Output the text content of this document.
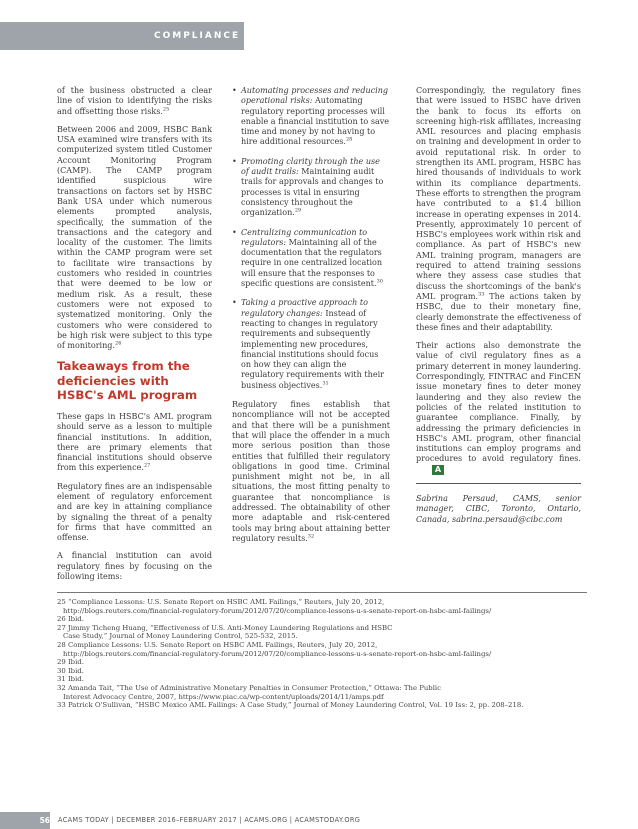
COMPLIANCE

of the business obstructed a clear line of vision to identifying the risks and offsetting those risks.$^{25}$

Between 2006 and 2009, HSBC Bank USA examined wire transfers with its computerized system titled Customer Account Monitoring Program (CAMP). The CAMP program identified suspicious wire transactions on factors set by HSBC Bank USA under which numerous elements prompted analysis, specifically, the summation of the transactions and the category and locality of the customer. The limits within the CAMP program were set to facilitate wire transactions by customers who resided in countries that were deemed to be low or medium risk. As a result, these customers were not exposed to systematized monitoring. Only the customers who were considered to be high risk were subject to this type of monitoring.$^{26}$

Takeaways from the deficiencies with HSBC's AML program

These gaps in HSBC's AML program should serve as a lesson to multiple financial institutions. In addition, there are primary elements that financial institutions should observe from this experience.$^{27}$

Regulatory fines are an indispensable element of regulatory enforcement and are key in attaining compliance by signaling the threat of a penalty for firms that have committed an offense.

A financial institution can avoid regulatory fines by focusing on the following items:

• Automating processes and reducing operational risks: Automating regulatory reporting processes will enable a financial institution to save time and money by not having to hire additional resources.$^{28}$
• Promoting clarity through the use of audit trails: Maintaining audit trails for approvals and changes to processes is vital in ensuring consistency throughout the organization.$^{29}$
• Centralizing communication to regulators: Maintaining all of the documentation that the regulators require in one centralized location will ensure that the responses to specific questions are consistent.$^{30}$
• Taking a proactive approach to regulatory changes: Instead of reacting to changes in regulatory requirements and subsequently implementing new procedures, financial institutions should focus on how they can align the regulatory requirements with their business objectives.$^{31}$

Regulatory fines establish that noncompliance will not be accepted and that there will be a punishment that will place the offender in a much more serious position than those entities that fulfilled their regulatory obligations in good time. Criminal punishment might not be, in all situations, the most fitting penalty to guarantee that noncompliance is addressed. The obtainability of other more adaptable and risk-centered tools may bring about attaining better regulatory results.$^{32}$

Correspondingly, the regulatory fines that were issued to HSBC have driven the bank to focus its efforts on screening high-risk affiliates, increasing AML resources and placing emphasis on training and development in order to avoid reputational risk. In order to strengthen its AML program, HSBC has hired thousands of individuals to work within its compliance departments. These efforts to strengthen the program have contributed to a $1.4 billion increase in operating expenses in 2014. Presently, approximately 10 percent of HSBC's employees work within risk and compliance. As part of HSBC's new AML training program, managers are required to attend training sessions where they assess case studies that discuss the shortcomings of the bank's AML program.$^{33}$ The actions taken by HSBC, due to their monetary fine, clearly demonstrate the effectiveness of these fines and their adaptability.

Their actions also demonstrate the value of civil regulatory fines as a primary deterrent in money laundering. Correspondingly, FINTRAC and FinCEN issue monetary fines to deter money laundering and they also review the policies of the related institution to guarantee compliance. Finally, by addressing the primary deficiencies in HSBC's AML program, other financial institutions can employ programs and procedures to avoid regulatory fines.A

Sabrina Persaud, CAMS, senior manager, CIBC, Toronto, Ontario, Canada, sabrina.persaud@cibc.com

25 “Compliance Lessons: U.S. Senate Report on HSBC AML Failings,” Reuters, July 20, 2012,
http://blogs.reuters.com/financial-regulatory-forum/2012/07/20/compliance-lessons-u-s-senate-report-on-hsbc-aml-failings/
26 Ibid.
27 Jimmy Ticheng Huang, “Effectiveness of U.S. Anti-Money Laundering Regulations and HSBC
Case Study,” Journal of Money Laundering Control, 525-532, 2015.
28 Compliance Lessons: U.S. Senate Report on HSBC AML Failings, Reuters, July 20, 2012,
http://blogs.reuters.com/financial-regulatory-forum/2012/07/20/compliance-lessons-u-s-senate-report-on-hsbc-aml-failings/
29 Ibid.
30 Ibid.
31 Ibid.
32 Amanda Tait, “The Use of Administrative Monetary Penalties in Consumer Protection,” Ottawa: The Public
Interest Advocacy Centre, 2007, https://www.piac.ca/wp-content/uploads/2014/11/amps.pdf
33 Patrick O'Sullivan, “HSBC Mexico AML Failings: A Case Study,” Journal of Money Laundering Control, Vol. 19 Iss: 2, pp. 208–218.
56 ACAMS TODAY | DECEMBER 2016–FEBRUARY 2017 | ACAMS.ORG | ACAMSTODAY.ORG
